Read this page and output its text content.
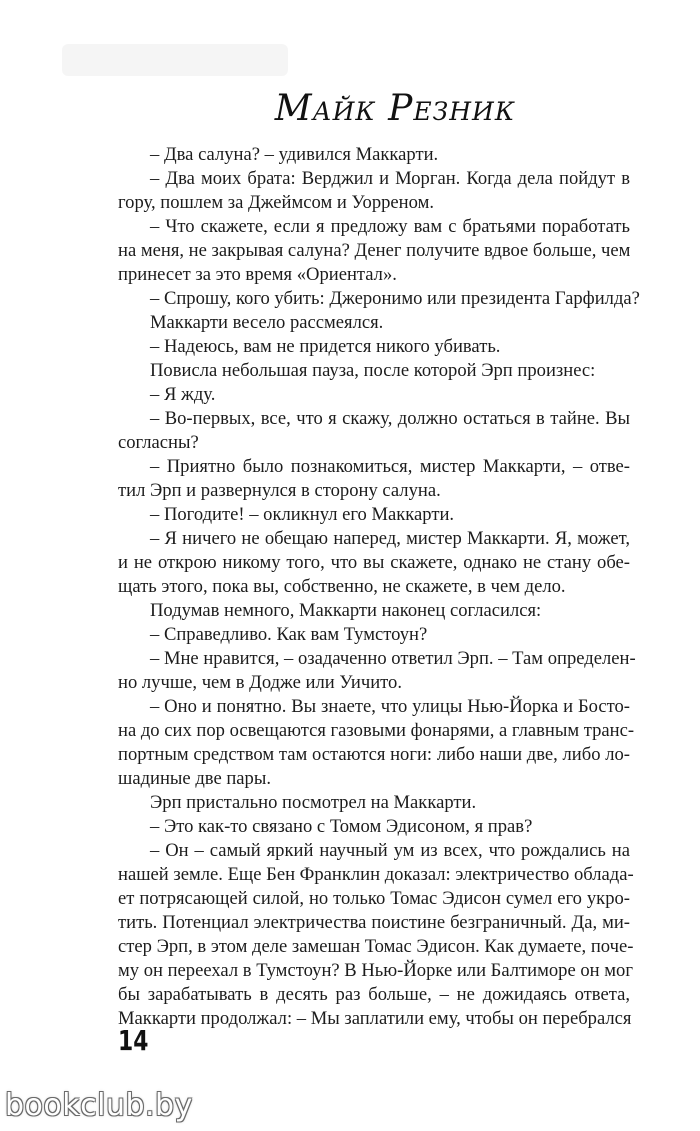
Майк Резник
– Два салуна? – удивился Маккарти.
– Два моих брата: Верджил и Морган. Когда дела пойдут в
гору, пошлем за Джеймсом и Уорреном.
– Что скажете, если я предложу вам с братьями поработать
на меня, не закрывая салуна? Денег получите вдвое больше, чем
принесет за это время «Ориентал».
– Спрошу, кого убить: Джеронимо или президента Гарфилда?
Маккарти весело рассмеялся.
– Надеюсь, вам не придется никого убивать.
Повисла небольшая пауза, после которой Эрп произнес:
– Я жду.
– Во-первых, все, что я скажу, должно остаться в тайне. Вы
согласны?
– Приятно было познакомиться, мистер Маккарти, – отве-
тил Эрп и развернулся в сторону салуна.
– Погодите! – окликнул его Маккарти.
– Я ничего не обещаю наперед, мистер Маккарти. Я, может,
и не открою никому того, что вы скажете, однако не стану обе-
щать этого, пока вы, собственно, не скажете, в чем дело.
Подумав немного, Маккарти наконец согласился:
– Справедливо. Как вам Тумстоун?
– Мне нравится, – озадаченно ответил Эрп. – Там определен-
но лучше, чем в Додже или Уичито.
– Оно и понятно. Вы знаете, что улицы Нью-Йорка и Босто-
на до сих пор освещаются газовыми фонарями, а главным транс-
портным средством там остаются ноги: либо наши две, либо ло-
шадиные две пары.
Эрп пристально посмотрел на Маккарти.
– Это как-то связано с Томом Эдисоном, я прав?
– Он – самый яркий научный ум из всех, что рождались на
нашей земле. Еще Бен Франклин доказал: электричество облада-
ет потрясающей силой, но только Томас Эдисон сумел его укро-
тить. Потенциал электричества поистине безграничный. Да, ми-
стер Эрп, в этом деле замешан Томас Эдисон. Как думаете, поче-
му он переехал в Тумстоун? В Нью-Йорке или Балтиморе он мог
бы зарабатывать в десять раз больше, – не дожидаясь ответа,
Маккарти продолжал: – Мы заплатили ему, чтобы он перебрался
14
bookclub.by
